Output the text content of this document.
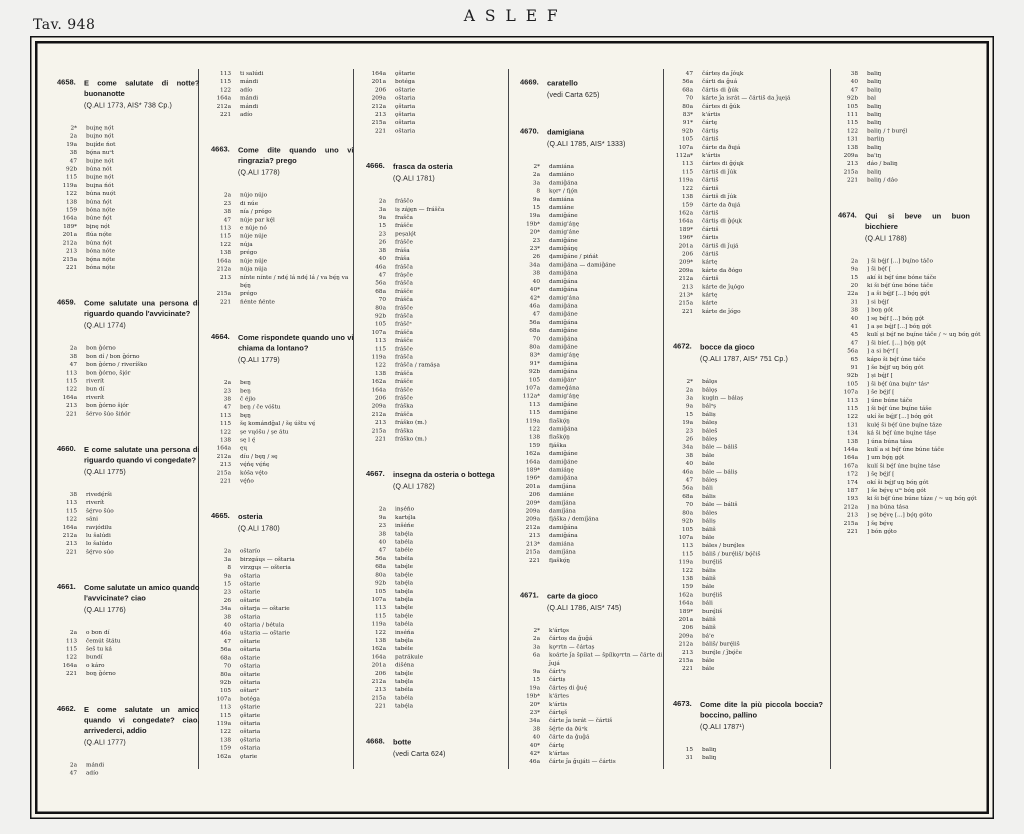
Tav. 948	A S L E F
4658. E come salutate di notte? buonanotte
(Q.ALI 1773, AIS* 738 Cp.)
2* buįnę nọ́t
2a buįno nọ́t
19a buįíde ńot
38 bǫ́na nuᵉt
47 buįne nọ́t
92b búna nót
115 buįne nọ́t
119a buįna ńót
122 búna nuọ́t
138 búna ńọ́t
159 bóna nọ́te
164a búne ńọ́t
189* bįnę nọ́t
201a flúa nọ́te
212a búna ńọ́t
213 bóna nóte
215a bǫ́na nọ́te
221 bóna nọ́te
4659. Come salutate una persona di riguardo quando l'avvicinate?
(Q.ALI 1774)
2a bon ǧórno
38 bon dí / bon ǧórno
47 bon ǧórno / riveríško
113 bon ǧórno, šįór
115 riverít
122 bun dí
164a riverít
213 bon ǧórno šįór
221 šérvo šúo šińór
4660. E come salutate una persona di riguardo quando vi congedate?
(Q.ALI 1775)
38 rivedę́rši
113 riverít
115 šę́rvo šúo
122 sáni
164a ravįódilu
212a lu šalúdi
213 lo šalúdo
221 šę́rvo súo
4661. Come salutate un amico quando l'avvicinate? ciao
(Q.ALI 1776)
2a o bon dí
113 čemút štátu
115 šeš tu ká
122 bundí
164a o káro
221 boŋ ǧórno
4662. E come salutate un amico quando vi congedate? ciao, arrivederci, addio
(Q.ALI 1777)
2a mándi
47 adío
113 ti salúdi
115 mándi
122 adío
164a mándi
212a mándi
221 adío
4663. Come dite quando uno vi ringrazia? prego
(Q.ALI 1778)
2a nújo nújo
23 di núe
38 nía / prégo
47 núje par kę́l
113 e núje nó
115 núje núje
122 núja
138 prégo
164a núje núje
212a núja núja
213 nínte nínte / ndę́ lá ndę́ lá / va bę́ŋ va bę́ŋ
215a prégo
221 ńénte ńénte
4664. Come rispondete quando uno vi chiama da lontano?
(Q.ALI 1779)
2a beŋ
23 beŋ
38 č éjlo
47 beŋ / če vóštu
113 bęŋ
115 šę komándǧal / šę úštu vę́
122 șe vųóšu / șe átu
138 sę l ę́
164a ęų
212a díu / bęŋ / sę
213 vę́ńę vę́ńę
215a kóša vę́to
221 vę́ńo
4665. osteria
(Q.ALI 1780)
2a oštarío
3a birzgáųs — oštaria
8 virzgųs — ošteria
9a oštaria
15 oštarie
23 oštarie
26 oštarie
34a oštarja — oštarie
38 oštaria
40 oštaria / bétula
46a uštaria — oštarie
47 oštarie
56a oštaria
68a oštarie
70 oštaria
80a oštarie
92b oštaria
105 oštariᵃ
107a botéga
113 ǫštarie
115 ǫštarie
119a oštaria
122 oštaria
138 ǫštaria
159 oštaria
162a ǫtarie
164a ǫštarie
201a botéga
206 oštarie
209a oštaria
212a ǫštaria
213 ǫštaria
215a oštaria
221 oštaria
4666. frasca da osteria
(Q.ALI 1781)
2a fráščo
3a iș zájęn — frášča
9a frašča
15 frášče
23 peșalǫ́t
26 frášče
38 fráša
40 fráša
46a frášča
47 fráșče
56a frášča
68a frášče
70 frášča
80a frášče
92b frášča
105 fráščᵃ
107a frášča
113 frášče
115 frášče
119a frášča
122 frášča / ramáșa
138 frášča
162a frášče
164a frášče
206 frášče
209a fráška
212a frášča
213 fráško (m.)
215a fráška
221 fráško (m.)
4667. insegna da osteria o bottega
(Q.ALI 1782)
2a inșéńo
9a kartę́la
23 inšéńe
38 tabę́la
40 tabéla
47 tabéle
56a tabéla
68a tabę́le
80a tabę́le
92b tabę́la
105 tabę́la
107a tabę́la
113 tabę́le
115 tabę́le
119a tabéla
122 inséńa
138 tabę́la
162a tabéle
164a patrákule
201a dišéna
206 tabę́le
212a tabę́la
213 tabéla
215a tabéla
221 tabę́la
4668. botte
(vedi Carta 624)
4669. caratello
(vedi Carta 625)
4670. damigiana
(Q.ALI 1785, AIS* 1333)
2* damiána
2a damiáno
3a damiǧána
8 kǫrᵖ / fįǫ́n
9a damiána
15 damiáne
19a damiǧáne
19b* damig'áŋę
20* damig'áne
23 damiǧáne
23* damiǧáŋę
26 ḑamiǧáne / pińát
34a damiǧána — damiǧáne
38 damiǧána
40 damiǧána
40* damiǧána
42* damig'ána
46a damiǧána
47 damiǧáne
56a damiǧána
68a damiǧáne
70 damiǧána
80a damiǧáne
83* damig'áŋę
91* damiǧána
92b damiǧána
105 damiǧánᵃ
107a dameǧána
112a* damig'áŋę
113 damiǧáne
115 damiǧáne
119a flaškǫ́ŋ
122 damiǧána
138 flaškǫ́ŋ
159 fįáška
162a damiǧáne
164a damiǧáne
189* damiáŋę
196* damiǧána
201a damiǰána
206 damiáne
209* damiǰána
209a damiǰána
209a fįáška / demiǰána
212a damiǧána
213 damiǧána
213* damiána
215a damiǰána
221 fįaškǫ́ŋ
4671. carte da gioco
(Q.ALI 1786, AIS* 745)
2* k'ártǫs
2a čártoș da ǧuǧá
3a kǫᵖrtn — čártaș
6a koárte ǰa špílat — špílkǫᵖrtn — čárte di ǰujá
9a čártᵃș
15 čártiș
19a čárteș di ǧuę́
19b* k'ártes
20* k'ártis
23* čártęš
34a čárte ǰa isrát — čártiš
38 šę́rte da ðúᵃk
40 čárte da ǧuǧá
40* čártę
42* k'ártas
46a čárte ǰa ǧujáti — čártis
47 čárteș da ǰóųk
56a čárti da ǧuá
68a čártis di ǧúk
70 kárte ǰa isrát — čártiš da ǰųeįá
80a čártes di ǧúk
83* k'ártis
91* čártę
92b čártiș
105 čártiš
107a čárte da ðujá
112a* k'ártis
113 čártes di ǧǫ́ųk
115 čártiš di ǰúk
119a čártiš
122 čártiš
138 čártiš di ǰúk
159 čárte da ðujá
162a čártiš
164a čártiș di ǧǫ́ųk
189* čártiš
196* čártis
201a čártiš di ǰujá
206 čártiš
209* kártę
209a kárte da ðógo
212a čártiš
213 kárte de ǰųógo
213* kártę
215a kárte
221 kárte de ǰógo
4672. bocce da gioco
(Q.ALI 1787, AIS* 751 Cp.)
2* bálǫs
2a bálǫș
3a kugln — bálaș
9a bálᵃș
15 báliș
19a báleș
23 báleš
26 báleș
34a bále — báliš
38 bále
40 bále
46a bále — báliș
47 báleș
56a báli
68a bális
70 bále — báliš
80a báles
92b báliș
105 báliš
107a bále
113 báles / burę́les
115 báliš / burę́liš/ bǫ́čiš
119a burę́liš
122 bális
138 báliš
159 bále
162a burę́liš
164a báli
189* burę́liš
201a báliš
206 báliš
209a bá'e
212a báliš/ burę́liš
213 burę́le / ǰbǫ́če
215a bále
221 bále
4673. Come dite la più piccola boccia? boccino, pallino
(Q.ALI 1787¹)
15 baliŋ
31 baliŋ
38 baliŋ
40 baliŋ
47 baliŋ
92b bal
105 baliŋ
111 baliŋ
115 baliŋ
122 baliŋ / † burę́l
131 barliŋ
138 baliŋ
209a ba'iŋ
213 dáo / baliŋ
215a baliŋ
221 baliŋ / dáo
4674. Qui si beve un buon bicchiere
(Q.ALI 1788)
2a ] ši bę́jf [...] bųíno táčo
9a ] ši bę́f [
15 akí ši bę́f úne bóne táče
20 ki ši bę́f úne bóne táče
22a ] a ši bę́jf [...] bǫ́ŋ gǫ́t
31 ] si bę́jf
38 ] boŋ gót
40 ] sę bę́f [...] bóŋ gǫ́t
41 ] a șe bę́jf [...] bóŋ gǫ́t
45 kulí și bę́f ne bųíne táče / ~ uŋ bóŋ gót
47 ] ši bíef. [...] bǫ́ŋ gǫ́t
56a ] a si bę́ᵉf [
65 kápo ši bę́f úne táče
91 ] še bę́jf uŋ bóŋ gót
92b ] și bę́jf [
105 ] ši bę́f úna bųínᵃ tásᵃ
107a ] še bę́jf [
113 ] úne búne táče
115 ] ši bę́f úne bųíne táše
122 ukí še bę́jf [...] bóŋ gót
131 kulę́ ši bę́f úne bųíne táze
134 ká ši bę́f úne bųíne táșe
138 ] úna búna tása
144a kulí a si bę́f úne búne táče
164a ] um bǫ́ŋ gǫ́t
167a kulí ši bę́f úne bųíne táse
172 ] šę bę́jf [
174 okí ši bę́jf uŋ bóŋ gót
187 ] še bę́vę uᵐ bóŋ gót
193 ki ši bę́f úne búne táze / ~ uŋ bóŋ gǫ́t
212a ] na búna tása
213 ] sę bę́vę [...] bǫ́ŋ góto
215a ] šę bę́vę
221 ] bón gǫ́to
